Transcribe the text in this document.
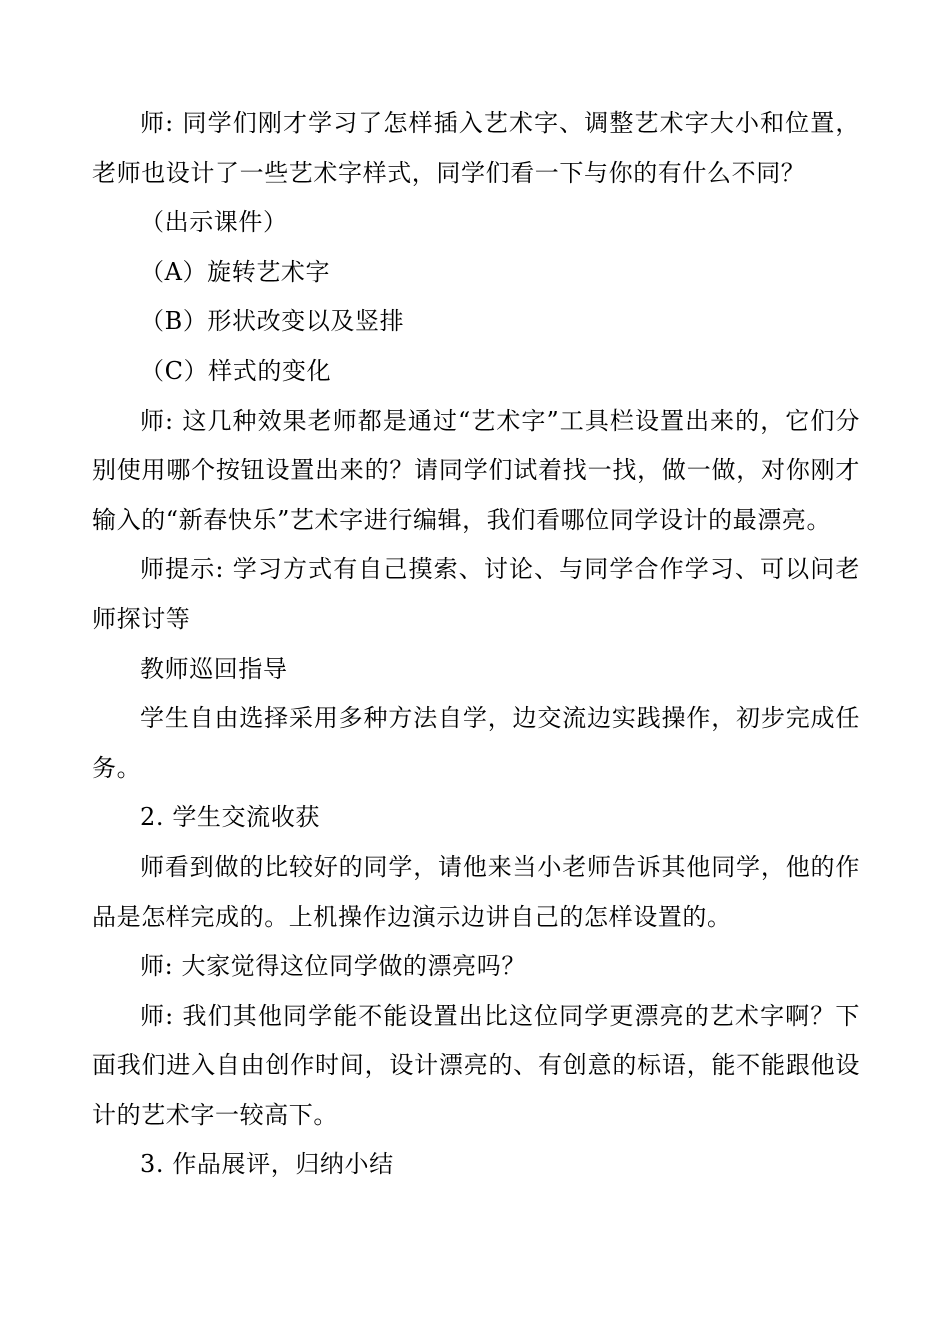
师: 同学们刚才学习了怎样插入艺术字、调整艺术字大小和位置，老师也设计了一些艺术字样式，同学们看一下与你的有什么不同？

（出示课件）

（A）旋转艺术字

（B）形状改变以及竖排

（C）样式的变化

师: 这几种效果老师都是通过“艺术字”工具栏设置出来的，它们分别使用哪个按钮设置出来的？请同学们试着找一找，做一做，对你刚才输入的“新春快乐”艺术字进行编辑，我们看哪位同学设计的最漂亮。

师提示: 学习方式有自己摸索、讨论、与同学合作学习、可以问老师探讨等

教师巡回指导

学生自由选择采用多种方法自学，边交流边实践操作，初步完成任务。

2. 学生交流收获

师看到做的比较好的同学，请他来当小老师告诉其他同学，他的作品是怎样完成的。上机操作边演示边讲自己的怎样设置的。

师: 大家觉得这位同学做的漂亮吗？

师: 我们其他同学能不能设置出比这位同学更漂亮的艺术字啊？下面我们进入自由创作时间，设计漂亮的、有创意的标语，能不能跟他设计的艺术字一较高下。

3. 作品展评，归纳小结
